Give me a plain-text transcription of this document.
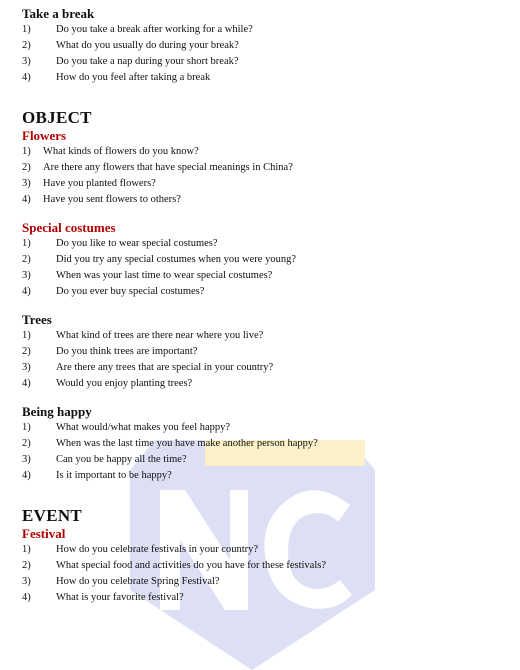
Take a break
1)	Do you take a break after working for a while?
2)	What do you usually do during your break?
3)	Do you take a nap during your short break?
4)	How do you feel after taking a break
OBJECT
Flowers
1)	What kinds of flowers do you know?
2)	Are there any flowers that have special meanings in China?
3)	Have you planted flowers?
4)	Have you sent flowers to others?
Special costumes
1)	Do you like to wear special costumes?
2)	Did you try any special costumes when you were young?
3)	When was your last time to wear special costumes?
4)	Do you ever buy special costumes?
Trees
1)	What kind of trees are there near where you live?
2)	Do you think trees are important?
3)	Are there any trees that are special in your country?
4)	Would you enjoy planting trees?
Being happy
1)	What would/what makes you feel happy?
2)	When was the last time you have make another person happy?
3)	Can you be happy all the time?
4)	Is it important to be happy?
EVENT
Festival
1)	How do you celebrate festivals in your country?
2)	What special food and activities do you have for these festivals?
3)	How do you celebrate Spring Festival?
4)	What is your favorite festival?
